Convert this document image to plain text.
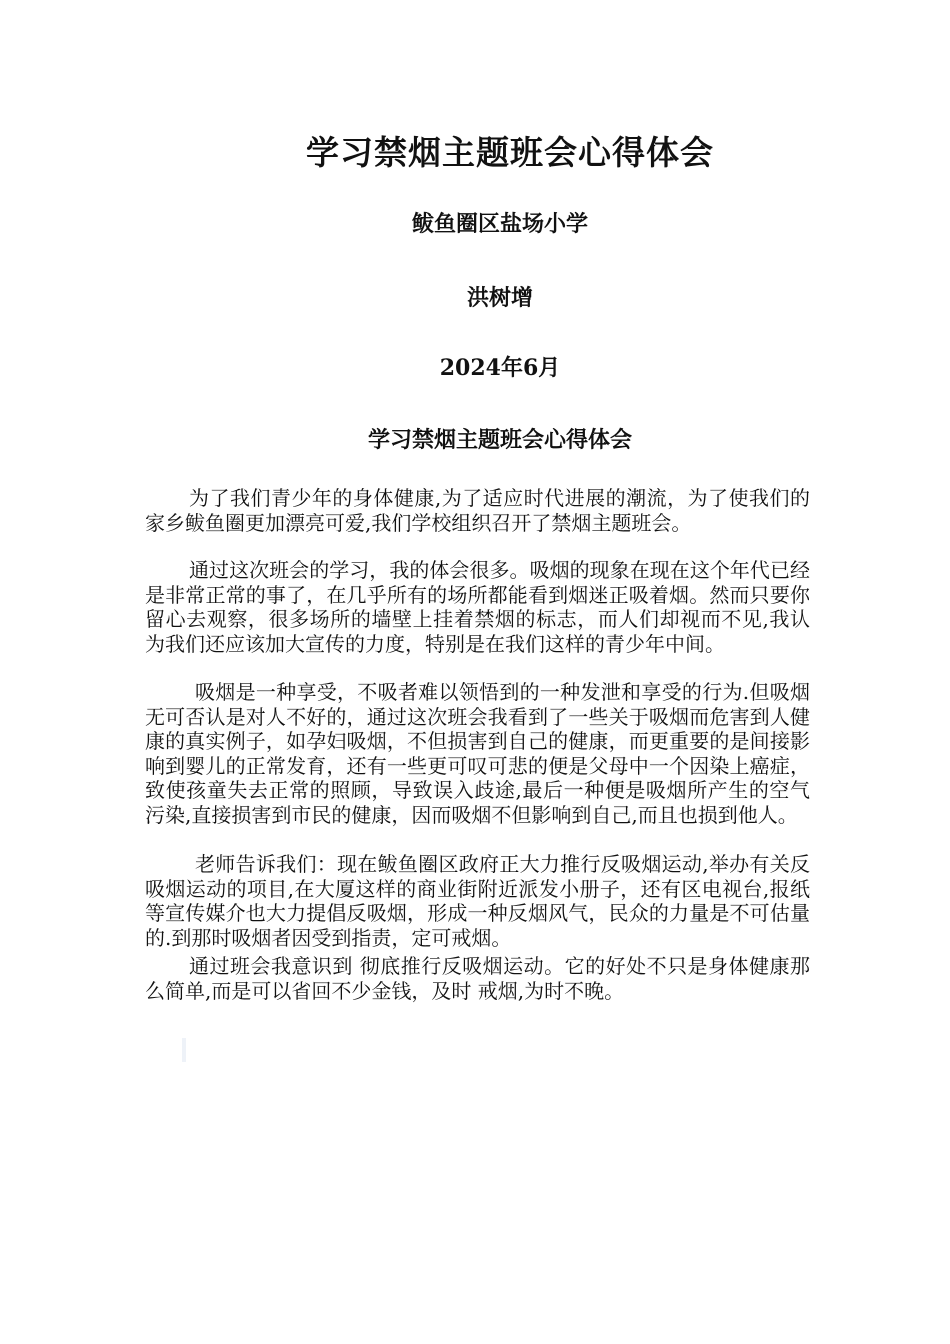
学习禁烟主题班会心得体会

鲅鱼圈区盐场小学

洪树增

2024年6月

学习禁烟主题班会心得体会

为了我们青少年的身体健康,为了适应时代进展的潮流，为了使我们的家乡鲅鱼圈更加漂亮可爱,我们学校组织召开了禁烟主题班会。

通过这次班会的学习，我的体会很多。吸烟的现象在现在这个年代已经是非常正常的事了，在几乎所有的场所都能看到烟迷正吸着烟。然而只要你留心去观察，很多场所的墙壁上挂着禁烟的标志，而人们却视而不见,我认为我们还应该加大宣传的力度，特别是在我们这样的青少年中间。

吸烟是一种享受，不吸者难以领悟到的一种发泄和享受的行为.但吸烟无可否认是对人不好的，通过这次班会我看到了一些关于吸烟而危害到人健康的真实例子，如孕妇吸烟，不但损害到自己的健康，而更重要的是间接影响到婴儿的正常发育，还有一些更可叹可悲的便是父母中一个因染上癌症，致使孩童失去正常的照顾，导致误入歧途,最后一种便是吸烟所产生的空气污染,直接损害到市民的健康，因而吸烟不但影响到自己,而且也损到他人。

老师告诉我们：现在鲅鱼圈区政府正大力推行反吸烟运动,举办有关反吸烟运动的项目,在大厦这样的商业街附近派发小册子，还有区电视台,报纸等宣传媒介也大力提倡反吸烟，形成一种反烟风气，民众的力量是不可估量的.到那时吸烟者因受到指责，定可戒烟。

通过班会我意识到 彻底推行反吸烟运动。它的好处不只是身体健康那么简单,而是可以省回不少金钱，及时 戒烟,为时不晚。
